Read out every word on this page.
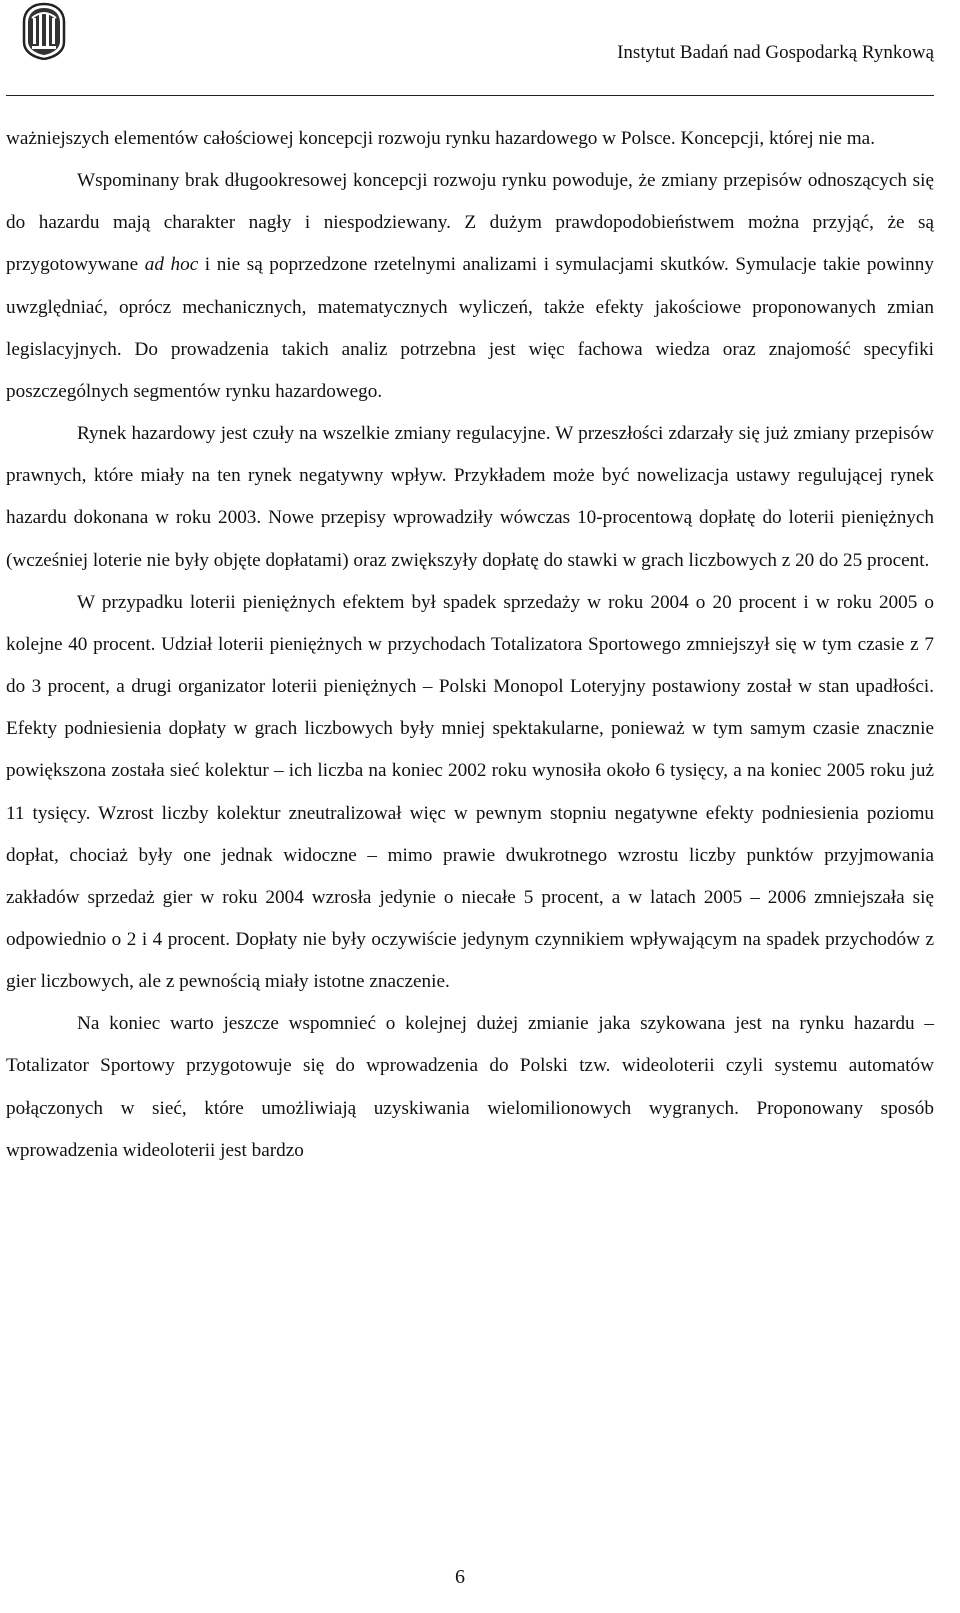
Instytut Badań nad Gospodarką Rynkową

ważniejszych elementów całościowej koncepcji rozwoju rynku hazardowego w Polsce. Koncepcji, której nie ma.

Wspominany brak długookresowej koncepcji rozwoju rynku powoduje, że zmiany przepisów odnoszących się do hazardu mają charakter nagły i niespodziewany. Z dużym prawdopodobieństwem można przyjąć, że są przygotowywane ad hoc i nie są poprzedzone rzetelnymi analizami i symulacjami skutków. Symulacje takie powinny uwzględniać, oprócz mechanicznych, matematycznych wyliczeń, także efekty jakościowe proponowanych zmian legislacyjnych. Do prowadzenia takich analiz potrzebna jest więc fachowa wiedza oraz znajomość specyfiki poszczególnych segmentów rynku hazardowego.

Rynek hazardowy jest czuły na wszelkie zmiany regulacyjne. W przeszłości zdarzały się już zmiany przepisów prawnych, które miały na ten rynek negatywny wpływ. Przykładem może być nowelizacja ustawy regulującej rynek hazardu dokonana w roku 2003. Nowe przepisy wprowadziły wówczas 10-procentową dopłatę do loterii pieniężnych (wcześniej loterie nie były objęte dopłatami) oraz zwiększyły dopłatę do stawki w grach liczbowych z 20 do 25 procent.

W przypadku loterii pieniężnych efektem był spadek sprzedaży w roku 2004 o 20 procent i w roku 2005 o kolejne 40 procent. Udział loterii pieniężnych w przychodach Totalizatora Sportowego zmniejszył się w tym czasie z 7 do 3 procent, a drugi organizator loterii pieniężnych – Polski Monopol Loteryjny postawiony został w stan upadłości. Efekty podniesienia dopłaty w grach liczbowych były mniej spektakularne, ponieważ w tym samym czasie znacznie powiększona została sieć kolektur – ich liczba na koniec 2002 roku wynosiła około 6 tysięcy, a na koniec 2005 roku już 11 tysięcy. Wzrost liczby kolektur zneutralizował więc w pewnym stopniu negatywne efekty podniesienia poziomu dopłat, chociaż były one jednak widoczne – mimo prawie dwukrotnego wzrostu liczby punktów przyjmowania zakładów sprzedaż gier w roku 2004 wzrosła jedynie o niecałe 5 procent, a w latach 2005 – 2006 zmniejszała się odpowiednio o 2 i 4 procent. Dopłaty nie były oczywiście jedynym czynnikiem wpływającym na spadek przychodów z gier liczbowych, ale z pewnością miały istotne znaczenie.

Na koniec warto jeszcze wspomnieć o kolejnej dużej zmianie jaka szykowana jest na rynku hazardu – Totalizator Sportowy przygotowuje się do wprowadzenia do Polski tzw. wideoloterii czyli systemu automatów połączonych w sieć, które umożliwiają uzyskiwania wielomilionowych wygranych. Proponowany sposób wprowadzenia wideoloterii jest bardzo

6
